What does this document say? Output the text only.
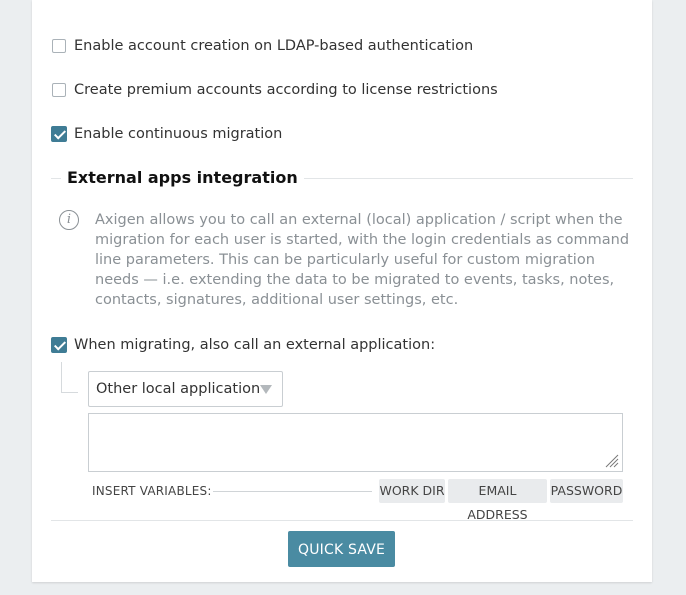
Enable account creation on LDAP-based authentication
Create premium accounts according to license restrictions
Enable continuous migration
External apps integration
i	Axigen allows you to call an external (local) application / script when the migration for each user is started, with the login credentials as command line parameters. This can be particularly useful for custom migration needs — i.e. extending the data to be migrated to events, tasks, notes, contacts, signatures, additional user settings, etc.
When migrating, also call an external application:
Other local application
INSERT VARIABLES:	WORK DIR	EMAIL ADDRESS
PASSWORD
QUICK SAVE
